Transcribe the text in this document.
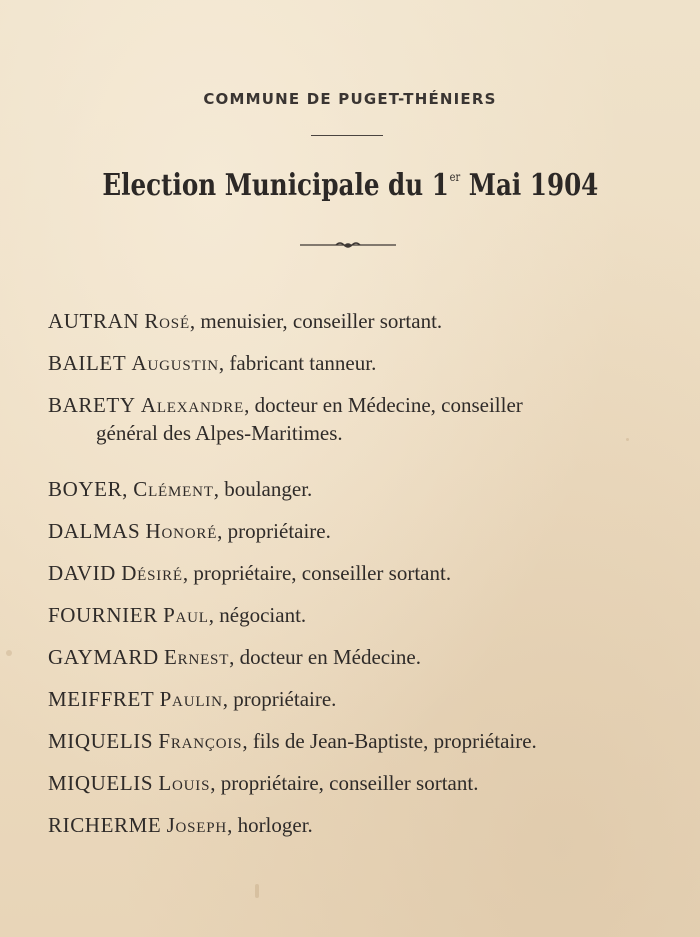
COMMUNE DE PUGET-THÉNIERS
Election Municipale du 1er Mai 1904
AUTRAN Rosé, menuisier, conseiller sortant.
BAILET Augustin, fabricant tanneur.
BARETY Alexandre, docteur en Médecine, conseiller
général des Alpes-Maritimes.
BOYER, Clément, boulanger.
DALMAS Honoré, propriétaire.
DAVID Désiré, propriétaire, conseiller sortant.
FOURNIER Paul, négociant.
GAYMARD Ernest, docteur en Médecine.
MEIFFRET Paulin, propriétaire.
MIQUELIS François, fils de Jean-Baptiste, propriétaire.
MIQUELIS Louis, propriétaire, conseiller sortant.
RICHERME Joseph, horloger.
